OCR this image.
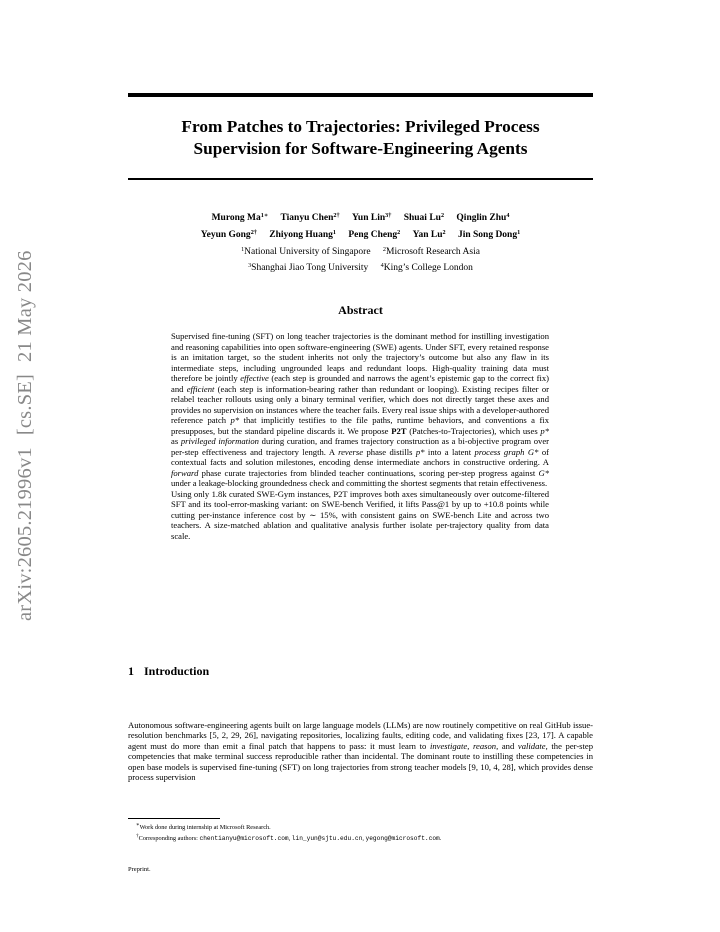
From Patches to Trajectories: Privileged Process
Supervision for Software-Engineering Agents
Murong $Ma^{1∗}$ Tianyu Chen$^{2\dagger}$ Yun Lin$^{3\dagger}$ Shuai Lu$^2$ Qinglin Zhu$^4$
Yeyun Gong$^{2\dagger}$ Zhiyong Huang$^1$ Peng Cheng$^2$ Yan Lu$^2$ Jin Song Dong$^1$
$^1$National University of Singapore $^2$Microsoft Research Asia
$^3$Shanghai Jiao Tong University $^4$King’s College London
arXiv:2605.21996v1[cs.SE]21 May 2026	Abstract

Supervised fine-tuning (SFT) on long teacher trajectories is the dominant method for instilling investigation and reasoning capabilities into open software-engineering (SWE) agents. Under SFT, every retained response is an imitation target, so the student inherits not only the trajectory’s outcome but also any flaw in its intermediate steps, including ungrounded leaps and redundant loops. High-quality training data must therefore be jointly effective (each step is grounded and narrows the agent’s epistemic gap to the correct fix) and efficient (each step is information-bearing rather than redundant or looping). Existing recipes filter or relabel teacher rollouts using only a binary terminal verifier, which does not directly target these axes and provides no supervision on instances where the teacher fails. Every real issue ships with a developer-authored reference patch p* that implicitly testifies to the file paths, runtime behaviors, and conventions a fix presupposes, but the standard pipeline discards it. We propose P2T (Patches-to-Trajectories), which uses p* as privileged information during curation, and frames trajectory construction as a bi-objective program over per-step effectiveness and trajectory length. A reverse phase distills p* into a latent process graph G* of contextual facts and solution milestones, encoding dense intermediate anchors in constructive ordering. A forward phase curate trajectories from blinded teacher continuations, scoring per-step progress against G* under a leakage-blocking groundedness check and committing the shortest segments that retain effectiveness.

Using only 1.8k curated SWE-Gym instances, P2T improves both axes simultaneously over outcome-filtered SFT and its tool-error-masking variant: on SWE-bench Verified, it lifts Pass@1 by up to +10.8 points while cutting per-instance inference cost by ∼ 15%, with consistent gains on SWE-bench Lite and across two teachers. A size-matched ablation and qualitative analysis further isolate per-trajectory quality from data scale.

1 Introduction

Autonomous software-engineering agents built on large language models (LLMs) are now routinely competitive on real GitHub issue-resolution benchmarks [5, 2, 29, 26], navigating repositories, localizing faults, editing code, and validating fixes [23, 17]. A capable agent must do more than emit a final patch that happens to pass: it must learn to investigate, reason, and validate, the per-step competencies that make terminal success reproducible rather than incidental. The dominant route to instilling these competencies in open base models is supervised fine-tuning (SFT) on long trajectories from strong teacher models [9, 10, 4, 28], which provides dense process supervision

∗Work done during internship at Microsoft Research.
†Corresponding authors: chentianyu@microsoft.com, lin_yun@sjtu.edu.cn, yegong@microsoft.com.
Preprint.
